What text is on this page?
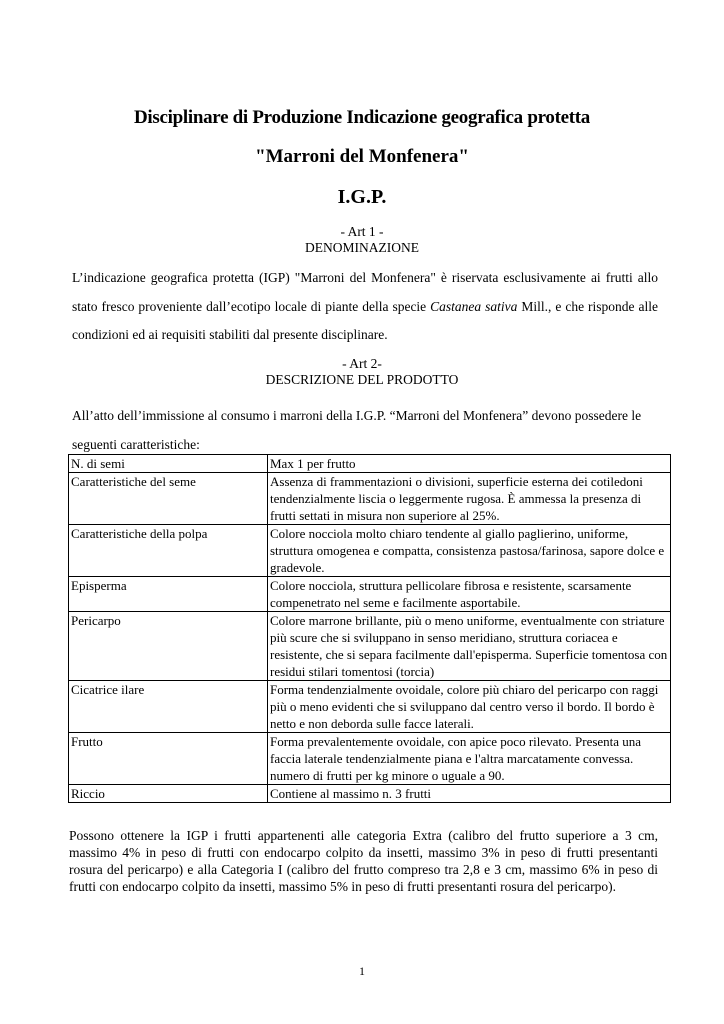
Disciplinare di Produzione Indicazione geografica protetta

"Marroni del Monfenera"

I.G.P.

- Art 1 -
DENOMINAZIONE

L’indicazione geografica protetta (IGP) "Marroni del Monfenera" è riservata esclusivamente ai frutti allo stato fresco proveniente dall’ecotipo locale di piante della specie Castanea sativa Mill., e che risponde alle condizioni ed ai requisiti stabiliti dal presente disciplinare.

- Art 2-
DESCRIZIONE DEL PRODOTTO

All’atto dell’immissione al consumo i marroni della I.G.P. “Marroni del Monfenera” devono possedere le seguenti caratteristiche:

N. di semi	Max 1 per frutto
Caratteristiche del seme	Assenza di frammentazioni o divisioni, superficie esterna dei cotiledoni tendenzialmente liscia o leggermente rugosa. È ammessa la presenza di frutti settati in misura non superiore al 25%.
Caratteristiche della polpa	Colore nocciola molto chiaro tendente al giallo paglierino, uniforme, struttura omogenea e compatta, consistenza pastosa/farinosa, sapore dolce e gradevole.
Episperma	Colore nocciola, struttura pellicolare fibrosa e resistente, scarsamente compenetrato nel seme e facilmente asportabile.
Pericarpo	Colore marrone brillante, più o meno uniforme, eventualmente con striature più scure che si sviluppano in senso meridiano, struttura coriacea e resistente, che si separa facilmente dall'episperma. Superficie tomentosa con residui stilari tomentosi (torcia)
Cicatrice ilare	Forma tendenzialmente ovoidale, colore più chiaro del pericarpo con raggi più o meno evidenti che si sviluppano dal centro verso il bordo. Il bordo è netto e non deborda sulle facce laterali.
Frutto	Forma prevalentemente ovoidale, con apice poco rilevato. Presenta una faccia laterale tendenzialmente piana e l'altra marcatamente convessa. numero di frutti per kg minore o uguale a 90.
Riccio	Contiene al massimo n. 3 frutti

Possono ottenere la IGP i frutti appartenenti alle categoria Extra (calibro del frutto superiore a 3 cm, massimo 4% in peso di frutti con endocarpo colpito da insetti, massimo 3% in peso di frutti presentanti rosura del pericarpo) e alla Categoria I (calibro del frutto compreso tra 2,8 e 3 cm, massimo 6% in peso di frutti con endocarpo colpito da insetti, massimo 5% in peso di frutti presentanti rosura del pericarpo).

1
